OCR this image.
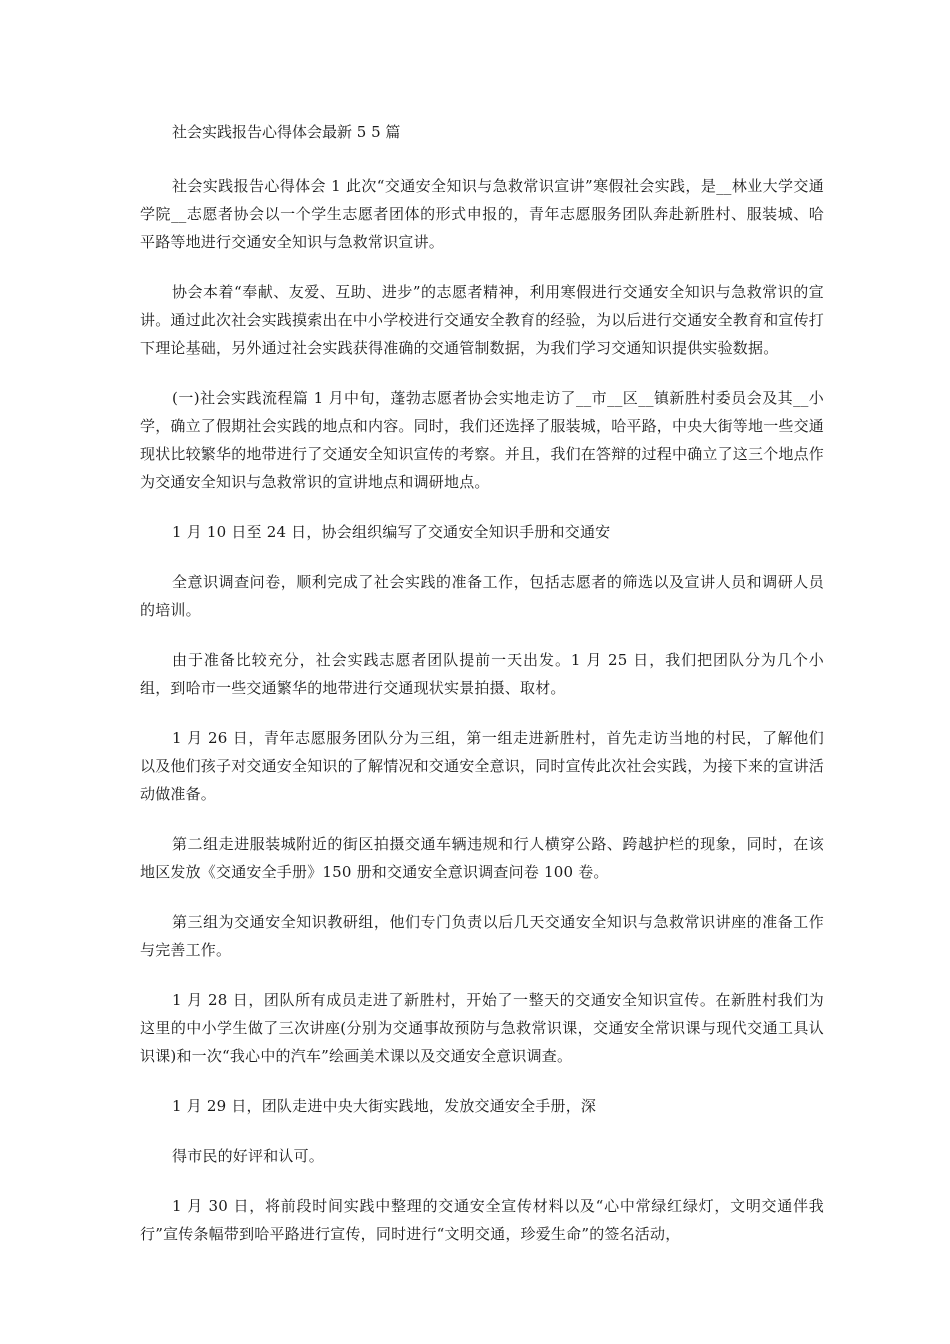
社会实践报告心得体会最新 5 5 篇

社会实践报告心得体会 1 此次“交通安全知识与急救常识宣讲”寒假社会实践，是__林业大学交通学院__志愿者协会以一个学生志愿者团体的形式申报的，青年志愿服务团队奔赴新胜村、服装城、哈平路等地进行交通安全知识与急救常识宣讲。

协会本着“奉献、友爱、互助、进步”的志愿者精神，利用寒假进行交通安全知识与急救常识的宣讲。通过此次社会实践摸索出在中小学校进行交通安全教育的经验，为以后进行交通安全教育和宣传打下理论基础，另外通过社会实践获得准确的交通管制数据，为我们学习交通知识提供实验数据。

(一)社会实践流程篇 1 月中旬，蓬勃志愿者协会实地走访了__市__区__镇新胜村委员会及其__小学，确立了假期社会实践的地点和内容。同时，我们还选择了服装城，哈平路，中央大街等地一些交通现状比较繁华的地带进行了交通安全知识宣传的考察。并且，我们在答辩的过程中确立了这三个地点作为交通安全知识与急救常识的宣讲地点和调研地点。

1 月 10 日至 24 日，协会组织编写了交通安全知识手册和交通安

全意识调查问卷，顺利完成了社会实践的准备工作，包括志愿者的筛选以及宣讲人员和调研人员的培训。

由于准备比较充分，社会实践志愿者团队提前一天出发。1 月 25 日，我们把团队分为几个小组，到哈市一些交通繁华的地带进行交通现状实景拍摄、取材。

1 月 26 日，青年志愿服务团队分为三组，第一组走进新胜村，首先走访当地的村民，了解他们以及他们孩子对交通安全知识的了解情况和交通安全意识，同时宣传此次社会实践，为接下来的宣讲活动做准备。

第二组走进服装城附近的街区拍摄交通车辆违规和行人横穿公路、跨越护栏的现象，同时，在该地区发放《交通安全手册》150 册和交通安全意识调查问卷 100 卷。

第三组为交通安全知识教研组，他们专门负责以后几天交通安全知识与急救常识讲座的准备工作与完善工作。

1 月 28 日，团队所有成员走进了新胜村，开始了一整天的交通安全知识宣传。在新胜村我们为这里的中小学生做了三次讲座(分别为交通事故预防与急救常识课，交通安全常识课与现代交通工具认识课)和一次“我心中的汽车”绘画美术课以及交通安全意识调查。

1 月 29 日，团队走进中央大街实践地，发放交通安全手册，深

得市民的好评和认可。

1 月 30 日，将前段时间实践中整理的交通安全宣传材料以及“心中常绿红绿灯，文明交通伴我行”宣传条幅带到哈平路进行宣传，同时进行“文明交通，珍爱生命”的签名活动，
